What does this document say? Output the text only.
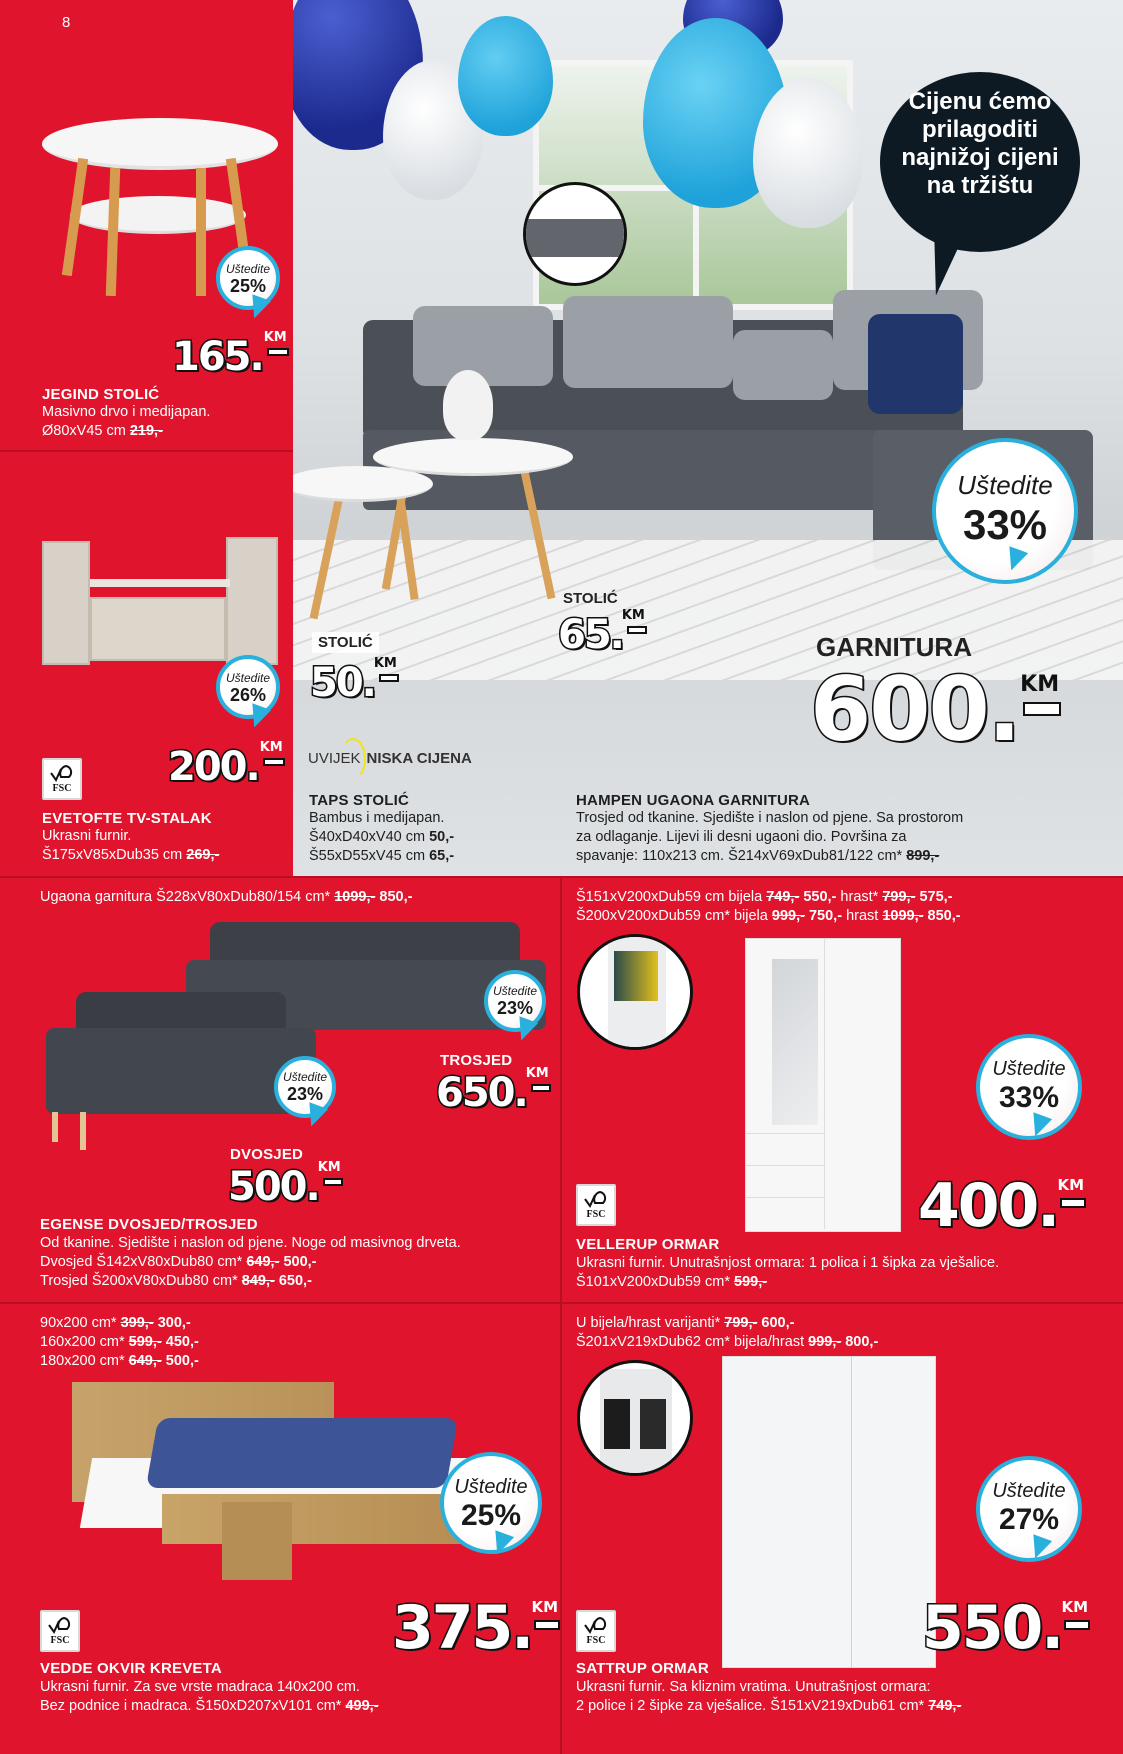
8
Uštedite
25%
165. KM
JEGIND STOLIĆ
Masivno drvo i medijapan.
Ø80xV45 cm 219,-
Uštedite
26%
200. KM
FSC
EVETOFTE TV-STALAK
Ukrasni furnir.
Š175xV85xDub35 cm 269,-
Cijenu ćemo
prilagoditi
najnižoj cijeni
na tržištu
Uštedite
33%
STOLIĆ
50.
KM
STOLIĆ
65.
KM
GARNITURA
600. KM
UVIJEK NISKA CIJENA
TAPS STOLIĆ
Bambus i medijapan.
Š40xD40xV40 cm 50,-
Š55xD55xV45 cm 65,-
HAMPEN UGAONA GARNITURA
Trosjed od tkanine. Sjedište i naslon od pjene. Sa prostorom
za odlaganje. Lijevi ili desni ugaoni dio. Površina za
spavanje: 110x213 cm. Š214xV69xDub81/122 cm* 899,-
Ugaona garnitura Š228xV80xDub80/154 cm* 1099,- 850,-
Uštedite
23%
Uštedite
23%
TROSJED
650.
KM
DVOSJED
500.
KM
EGENSE DVOSJED/TROSJED
Od tkanine. Sjedište i naslon od pjene. Noge od masivnog drveta.
Dvosjed Š142xV80xDub80 cm* 649,- 500,-
Trosjed Š200xV80xDub80 cm* 849,- 650,-
Š151xV200xDub59 cm bijela 749,- 550,- hrast* 799,- 575,-
Š200xV200xDub59 cm* bijela 999,- 750,- hrast 1099,- 850,-
Uštedite
33%
400. KM
FSC
VELLERUP ORMAR
Ukrasni furnir. Unutrašnjost ormara: 1 polica i 1 šipka za vješalice.
Š101xV200xDub59 cm* 599,-
90x200 cm* 399,- 300,-
160x200 cm* 599,- 450,-
180x200 cm* 649,- 500,-
Uštedite
25%
375. KM
FSC
VEDDE OKVIR KREVETA
Ukrasni furnir. Za sve vrste madraca 140x200 cm.
Bez podnice i madraca. Š150xD207xV101 cm* 499,-
U bijela/hrast varijanti* 799,- 600,-
Š201xV219xDub62 cm* bijela/hrast 999,- 800,-
Uštedite
27%
550. KM
FSC
SATTRUP ORMAR
Ukrasni furnir. Sa kliznim vratima. Unutrašnjost ormara:
2 police i 2 šipke za vješalice. Š151xV219xDub61 cm* 749,-
